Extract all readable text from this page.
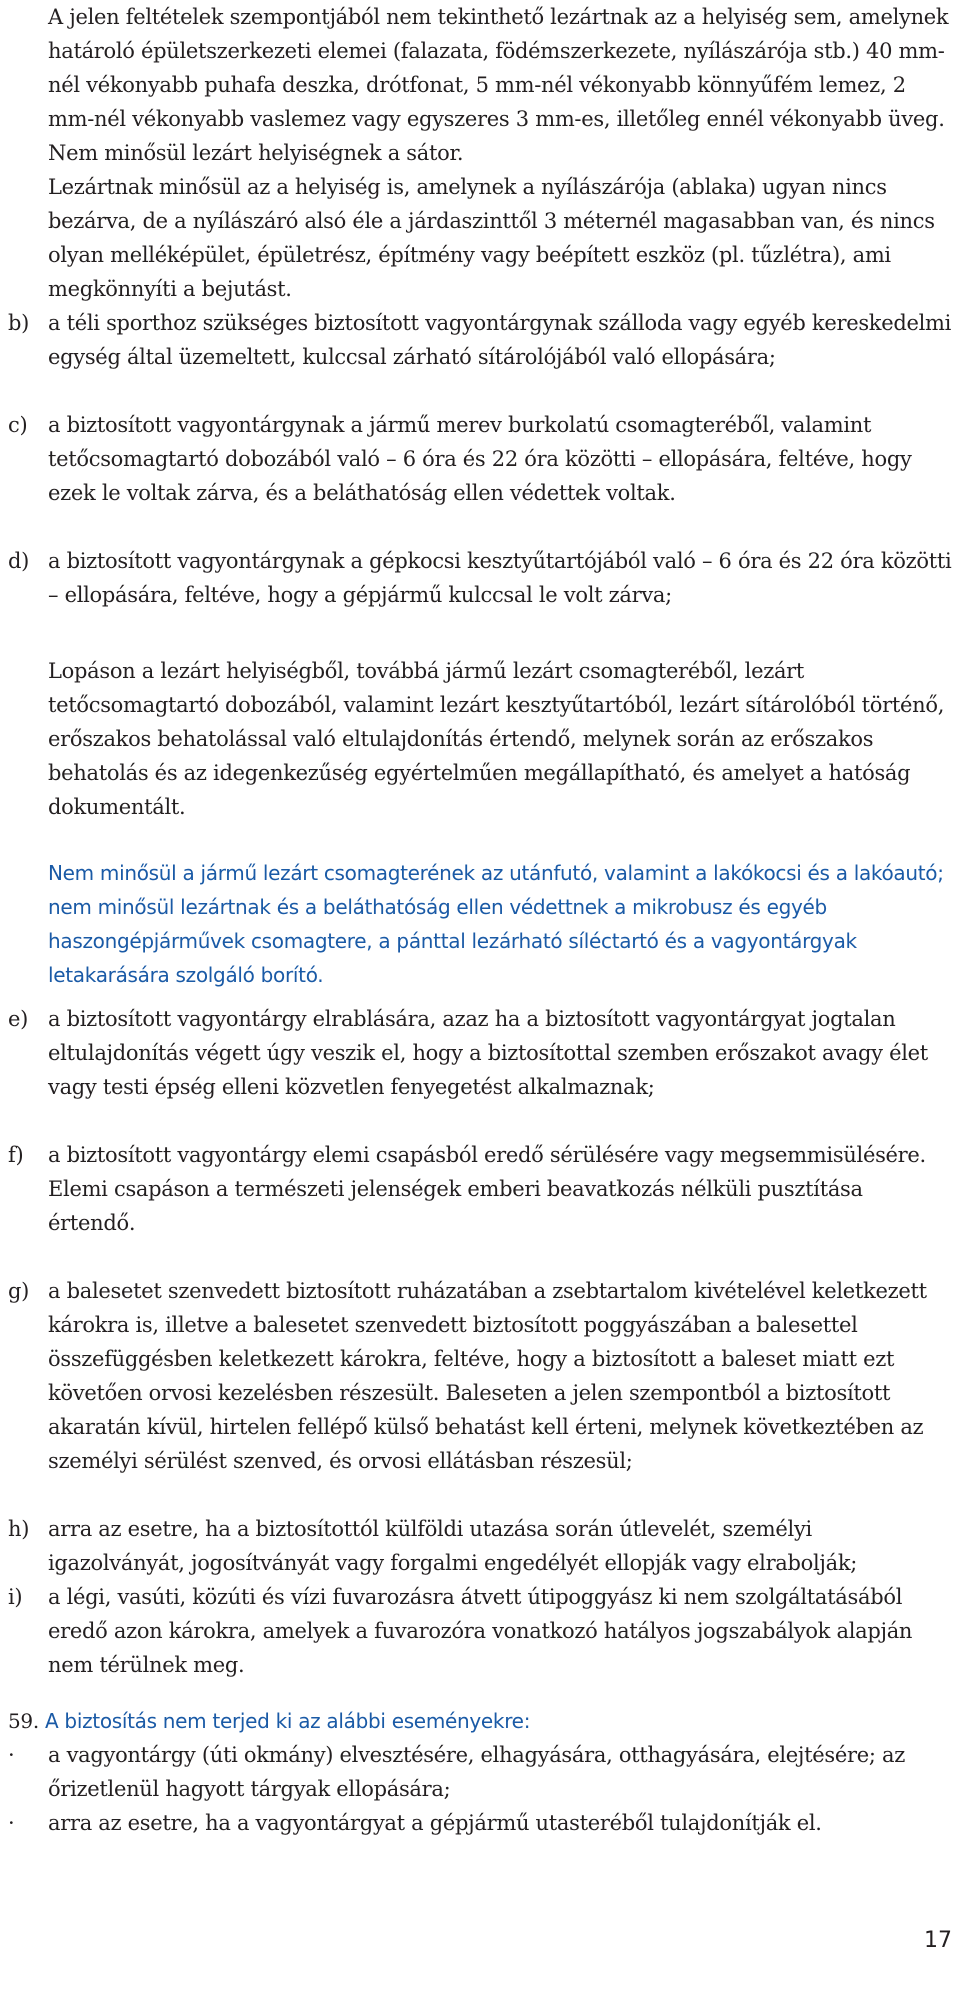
A jelen feltételek szempontjából nem tekinthető lezártnak az a helyiség sem, amelynek határoló épületszerkezeti elemei (falazata, födémszerkezete, nyílászárója stb.) 40 mm-nél vékonyabb puhafa deszka, drótfonat, 5 mm-nél vékonyabb könnyűfém lemez, 2 mm-nél vékonyabb vaslemez vagy egyszeres 3 mm-es, illetőleg ennél vékonyabb üveg.

Nem minősül lezárt helyiségnek a sátor.

Lezártnak minősül az a helyiség is, amelynek a nyílászárója (ablaka) ugyan nincs bezárva, de a nyílászáró alsó éle a járdaszinttől 3 méternél magasabban van, és nincs olyan melléképület, épületrész, építmény vagy beépített eszköz (pl. tűzlétra), ami megkönnyíti a bejutást.

b) a téli sporthoz szükséges biztosított vagyontárgynak szálloda vagy egyéb kereskedelmi egység által üzemeltett, kulccsal zárható sítárolójából való ellopására;
c) a biztosított vagyontárgynak a jármű merev burkolatú csomagteréből, valamint tetőcsomagtartó dobozából való – 6 óra és 22 óra közötti – ellopására, feltéve, hogy ezek le voltak zárva, és a beláthatóság ellen védettek voltak.
d) a biztosított vagyontárgynak a gépkocsi kesztyűtartójából való – 6 óra és 22 óra közötti – ellopására, feltéve, hogy a gépjármű kulccsal le volt zárva;
Lopáson a lezárt helyiségből, továbbá jármű lezárt csomagteréből, lezárt tetőcsomagtartó dobozából, valamint lezárt kesztyűtartóból, lezárt sítárolóból történő, erőszakos behatolással való eltulajdonítás értendő, melynek során az erőszakos behatolás és az idegenkezűség egyértelműen megállapítható, és amelyet a hatóság dokumentált.
Nem minősül a jármű lezárt csomagterének az utánfutó, valamint a lakókocsi és a lakóautó; nem minősül lezártnak és a beláthatóság ellen védettnek a mikrobusz és egyéb haszongépjárművek csomagtere, a pánttal lezárható síléctartó és a vagyontárgyak letakarására szolgáló borító.
e) a biztosított vagyontárgy elrablására, azaz ha a biztosított vagyontárgyat jogtalan eltulajdonítás végett úgy veszik el, hogy a biztosítottal szemben erőszakot avagy élet vagy testi épség elleni közvetlen fenyegetést alkalmaznak;
f)	a biztosított vagyontárgy elemi csapásból eredő sérülésére vagy megsemmisülésére.

Elemi csapáson a természeti jelenségek emberi beavatkozás nélküli pusztítása értendő.

g) a balesetet szenvedett biztosított ruházatában a zsebtartalom kivételével keletkezett károkra is, illetve a balesetet szenvedett biztosított poggyászában a balesettel összefüggésben keletkezett károkra, feltéve, hogy a biztosított a baleset miatt ezt követően orvosi kezelésben részesült. Baleseten a jelen szempontból a biztosított akaratán kívül, hirtelen fellépő külső behatást kell érteni, melynek következtében az személyi sérülést szenved, és orvosi ellátásban részesül;
h) arra az esetre, ha a biztosítottól külföldi utazása során útlevelét, személyi igazolványát, jogosítványát vagy forgalmi engedélyét ellopják vagy elrabolják;
i)	a légi, vasúti, közúti és vízi fuvarozásra átvett útipoggyász ki nem szolgáltatásából eredő azon károkra, amelyek a fuvarozóra vonatkozó hatályos jogszabályok alapján nem térülnek meg.
59. A biztosítás nem terjed ki az alábbi eseményekre:
·	a vagyontárgy (úti okmány) elvesztésére, elhagyására, otthagyására, elejtésére; az őrizetlenül hagyott tárgyak ellopására;
·	arra az esetre, ha a vagyontárgyat a gépjármű utasteréből tulajdonítják el.
17
